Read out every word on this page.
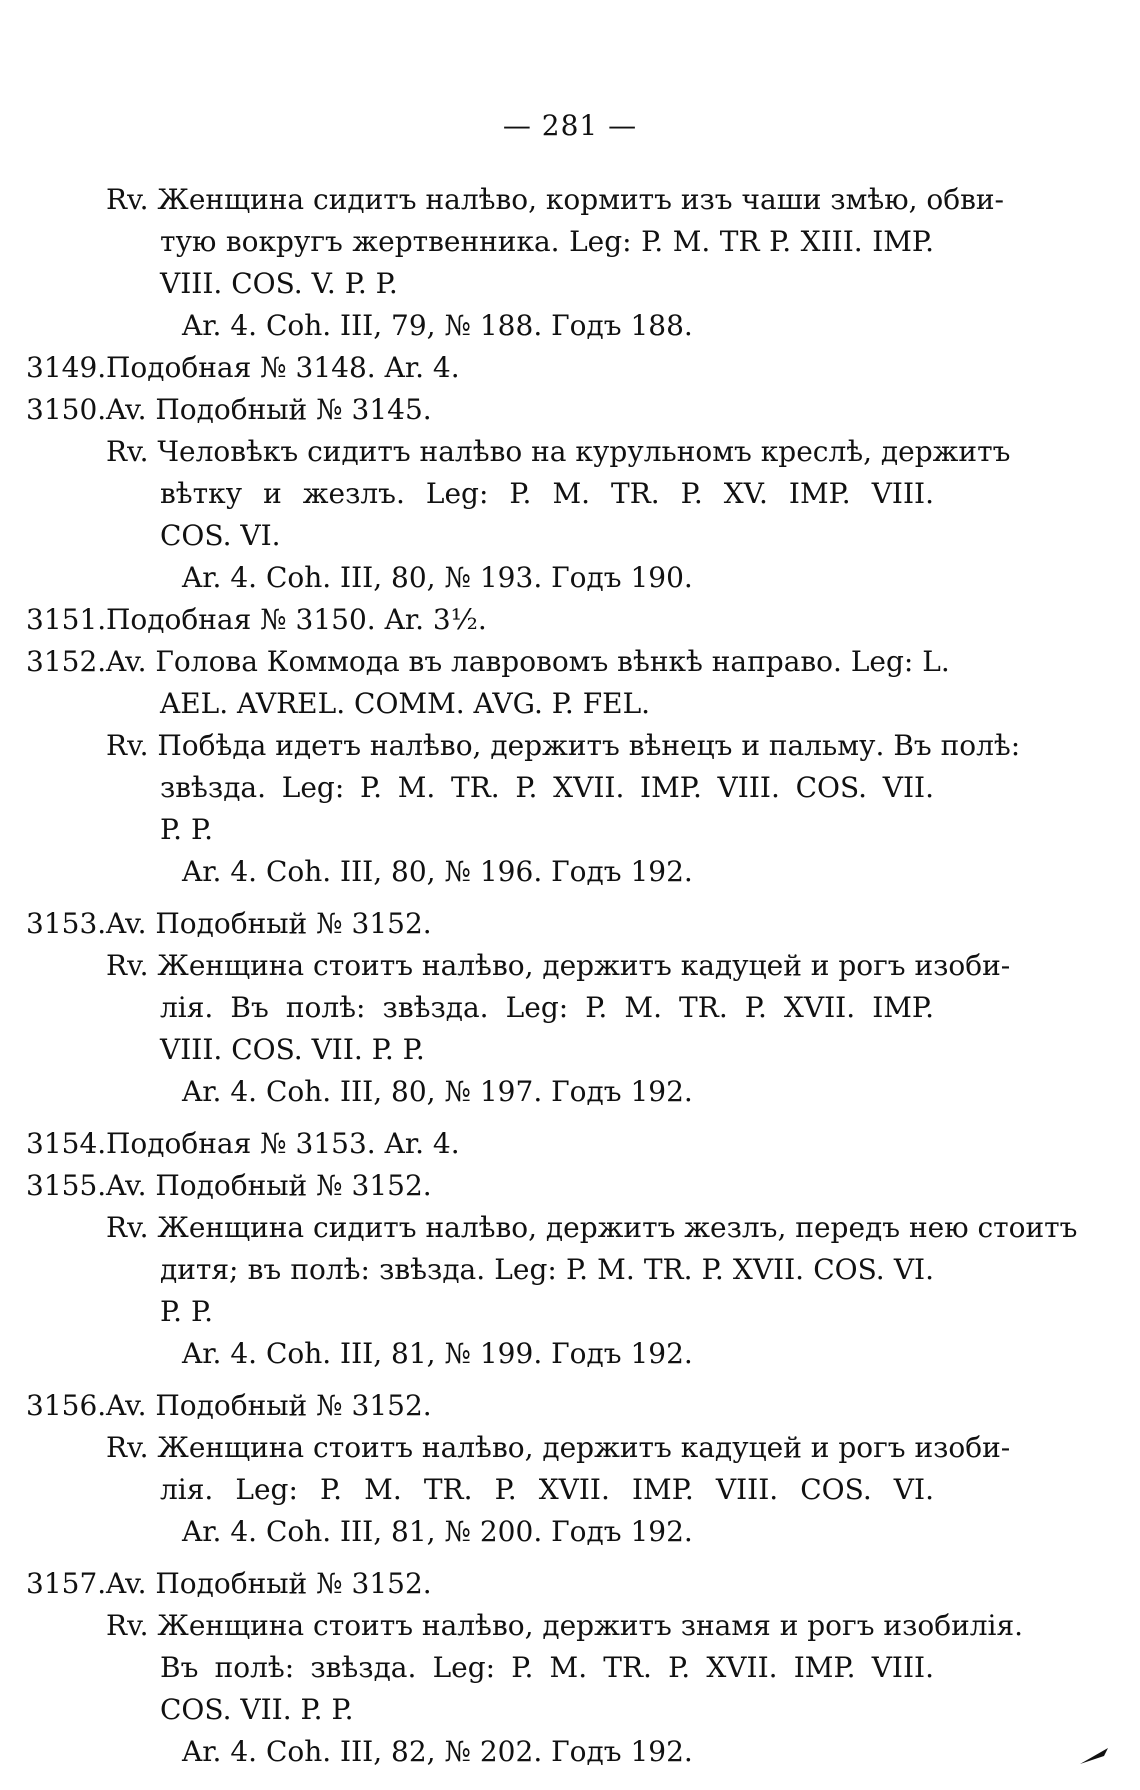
— 281 —
Rv. Женщина сидитъ налѣво, кормитъ изъ чаши змѣю, обви-
тую вокругъ жертвенника. Leg: P. M. TR P. XIII. IMP.
VIII. COS. V. P. P.
Ar. 4. Coh. III, 79, № 188. Годъ 188.
3149. Подобная № 3148. Ar. 4.
3150. Av. Подобный № 3145.
Rv. Человѣкъ сидитъ налѣво на курульномъ креслѣ, держитъ
вѣтку и жезлъ. Leg: P. M. TR. P. XV. IMP. VIII.
COS. VI.
Ar. 4. Coh. III, 80, № 193. Годъ 190.
3151. Подобная № 3150. Ar. 3½.
3152. Av. Голова Коммода въ лавровомъ вѣнкѣ направо. Leg: L.
AEL. AVREL. COMM. AVG. P. FEL.
Rv. Побѣда идетъ налѣво, держитъ вѣнецъ и пальму. Въ полѣ:
звѣзда. Leg: P. M. TR. P. XVII. IMP. VIII. COS. VII.
P. P.
Ar. 4. Coh. III, 80, № 196. Годъ 192.
3153. Av. Подобный № 3152.
Rv. Женщина стоитъ налѣво, держитъ кадуцей и рогъ изоби-
лія. Въ полѣ: звѣзда. Leg: P. M. TR. P. XVII. IMP.
VIII. COS. VII. P. P.
Ar. 4. Coh. III, 80, № 197. Годъ 192.
3154. Подобная № 3153. Ar. 4.
3155. Av. Подобный № 3152.
Rv. Женщина сидитъ налѣво, держитъ жезлъ, передъ нею стоитъ
дитя; въ полѣ: звѣзда. Leg: P. M. TR. P. XVII. COS. VI.
P. P.
Ar. 4. Coh. III, 81, № 199. Годъ 192.
3156. Av. Подобный № 3152.
Rv. Женщина стоитъ налѣво, держитъ кадуцей и рогъ изоби-
лія. Leg: P. M. TR. P. XVII. IMP. VIII. COS. VI.
Ar. 4. Coh. III, 81, № 200. Годъ 192.
3157. Av. Подобный № 3152.
Rv. Женщина стоитъ налѣво, держитъ знамя и рогъ изобилія.
Въ полѣ: звѣзда. Leg: P. M. TR. P. XVII. IMP. VIII.
COS. VII. P. P.
Ar. 4. Coh. III, 82, № 202. Годъ 192.
